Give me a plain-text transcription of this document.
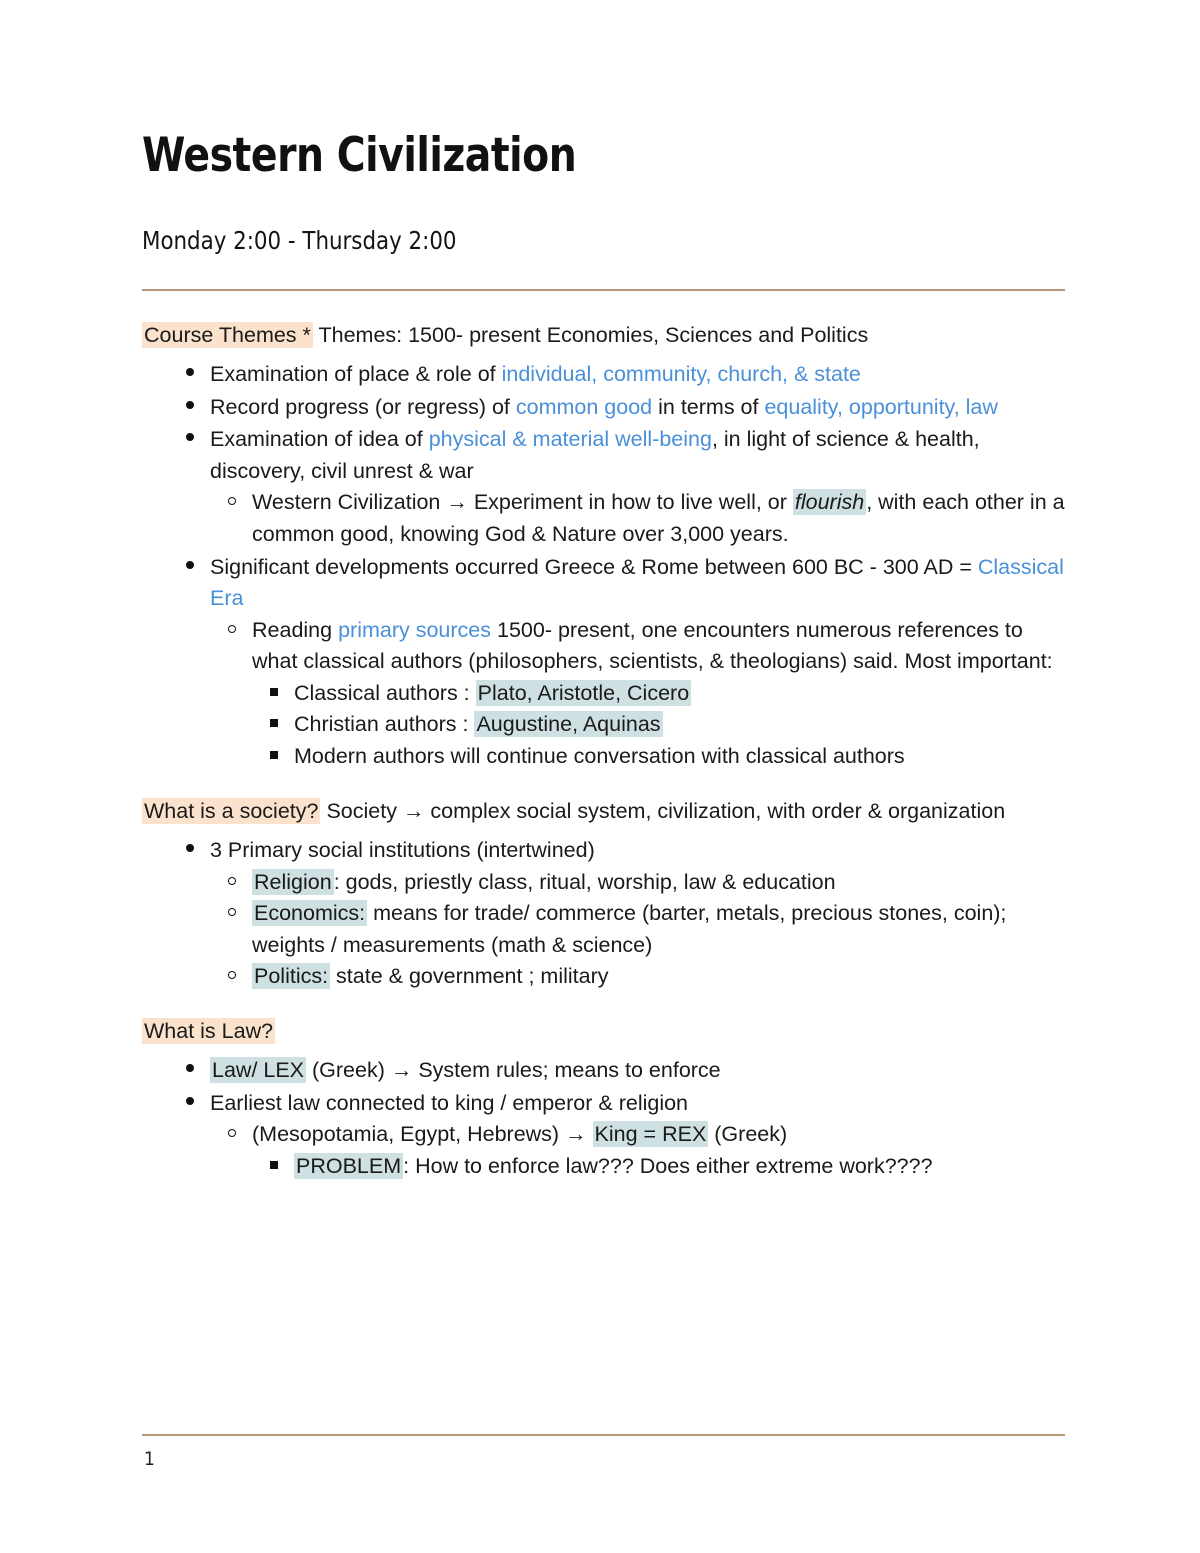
Western Civilization
Monday 2:00 - Thursday 2:00
Course Themes * Themes: 1500- present Economies, Sciences and Politics
Examination of place & role of individual, community, church, & state
Record progress (or regress) of common good in terms of equality, opportunity, law
Examination of idea of physical & material well-being, in light of science & health, discovery, civil unrest & war
Western Civilization → Experiment in how to live well, or flourish, with each other in a common good, knowing God & Nature over 3,000 years.
Significant developments occurred Greece & Rome between 600 BC - 300 AD = Classical Era
Reading primary sources 1500- present, one encounters numerous references to what classical authors (philosophers, scientists, & theologians) said. Most important:
Classical authors : Plato, Aristotle, Cicero
Christian authors : Augustine, Aquinas
Modern authors will continue conversation with classical authors
What is a society? Society → complex social system, civilization, with order & organization
3 Primary social institutions (intertwined)
Religion: gods, priestly class, ritual, worship, law & education
Economics: means for trade/ commerce (barter, metals, precious stones, coin); weights / measurements (math & science)
Politics: state & government ; military
What is Law?
Law/ LEX (Greek) → System rules; means to enforce
Earliest law connected to king / emperor & religion
(Mesopotamia, Egypt, Hebrews) → King = REX (Greek)
PROBLEM: How to enforce law??? Does either extreme work????
1
